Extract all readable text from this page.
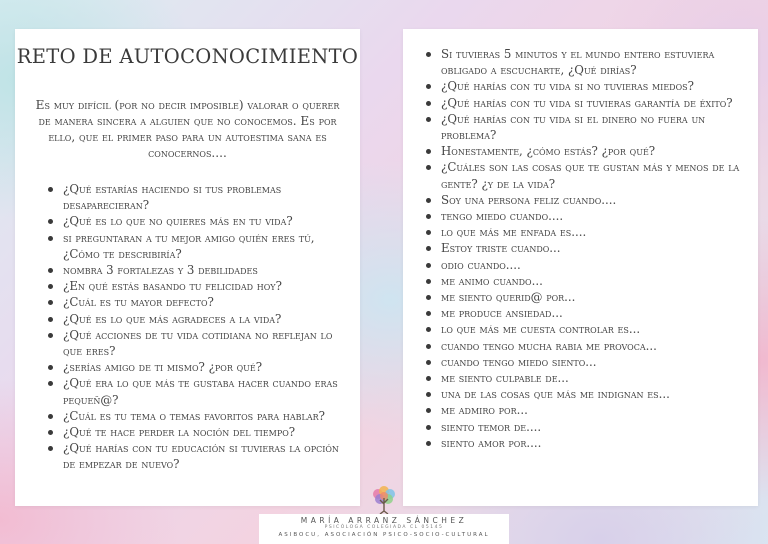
RETO DE AUTOCONOCIMIENTO
Es muy difícil (por no decir imposible) valorar o querer de manera sincera a alguien que no conocemos. Es por ello, que el primer paso para un autoestima sana es conocernos....
¿Qué estarías haciendo si tus problemas desaparecieran?
¿Qué es lo que no quieres más en tu vida?
si preguntaran a tu mejor amigo quién eres tú, ¿Cómo te describiría?
nombra 3 fortalezas y 3 debilidades
¿En qué estás basando tu felicidad hoy?
¿Cuál es tu mayor defecto?
¿Qué es lo que más agradeces a la vida?
¿Qué acciones de tu vida cotidiana no reflejan lo que eres?
¿serías amigo de ti mismo? ¿por qué?
¿Qué era lo que más te gustaba hacer cuando eras pequeñ@?
¿Cuál es tu tema o temas favoritos para hablar?
¿Qué te hace perder la noción del tiempo?
¿Qué harías con tu educación si tuvieras la opción de empezar de nuevo?
Si tuvieras 5 minutos y el mundo entero estuviera obligado a escucharte, ¿Qué dirías?
¿Qué harías con tu vida si no tuvieras miedos?
¿Qué harías con tu vida si tuvieras garantía de éxito?
¿Qué harías con tu vida si el dinero no fuera un problema?
Honestamente, ¿cómo estás? ¿por qué?
¿Cuáles son las cosas que te gustan más y menos de la gente? ¿y de la vida?
Soy una persona feliz cuando....
tengo miedo cuando....
lo que más me enfada es....
Estoy triste cuando...
odio cuando....
me animo cuando...
me siento querid@ por...
me produce ansiedad...
lo que más me cuesta controlar es...
cuando tengo mucha rabia me provoca...
cuando tengo miedo siento...
me siento culpable de...
una de las cosas que más me indignan es...
me admiro por...
siento temor de....
siento amor por....
MARÍA ARRANZ SÁNCHEZ
PSICÓLOGA COLEGIADA CL 05145
ASIBOCU, ASOCIACIÓN PSICO-SOCIO-CULTURAL
